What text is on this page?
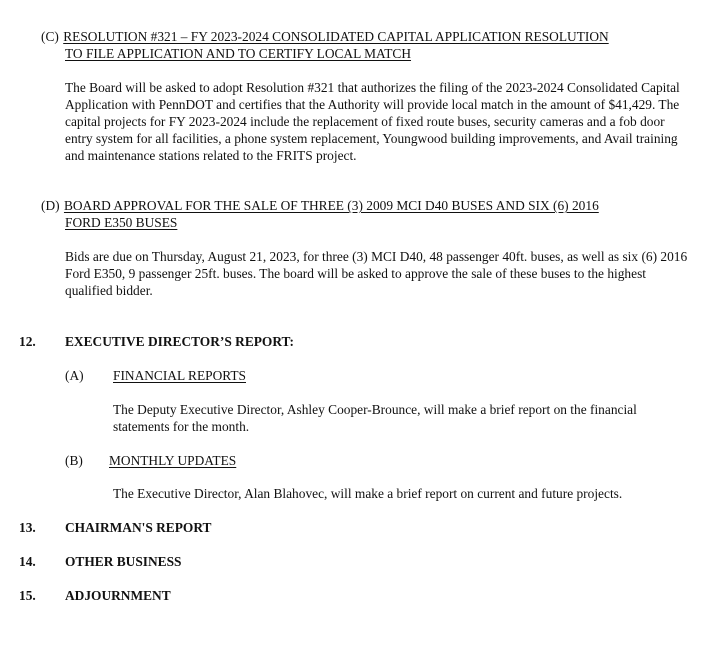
(C) RESOLUTION #321 – FY 2023-2024 CONSOLIDATED CAPITAL APPLICATION RESOLUTION
TO FILE APPLICATION AND TO CERTIFY LOCAL MATCH

The Board will be asked to adopt Resolution #321 that authorizes the filing of the 2023-2024 Consolidated Capital Application with PennDOT and certifies that the Authority will provide local match in the amount of $41,429. The capital projects for FY 2023-2024 include the replacement of fixed route buses, security cameras and a fob door entry system for all facilities, a phone system replacement, Youngwood building improvements, and Avail training and maintenance stations related to the FRITS project.

(D) BOARD APPROVAL FOR THE SALE OF THREE (3) 2009 MCI D40 BUSES AND SIX (6) 2016
FORD E350 BUSES

Bids are due on Thursday, August 21, 2023, for three (3) MCI D40, 48 passenger 40ft. buses, as well as six (6) 2016 Ford E350, 9 passenger 25ft. buses. The board will be asked to approve the sale of these buses to the highest qualified bidder.

12. EXECUTIVE DIRECTOR’S REPORT:
(A) FINANCIAL REPORTS

The Deputy Executive Director, Ashley Cooper-Brounce, will make a brief report on the financial statements for the month.

(B) MONTHLY UPDATES

The Executive Director, Alan Blahovec, will make a brief report on current and future projects.

13. CHAIRMAN'S REPORT
14. OTHER BUSINESS
15. ADJOURNMENT
